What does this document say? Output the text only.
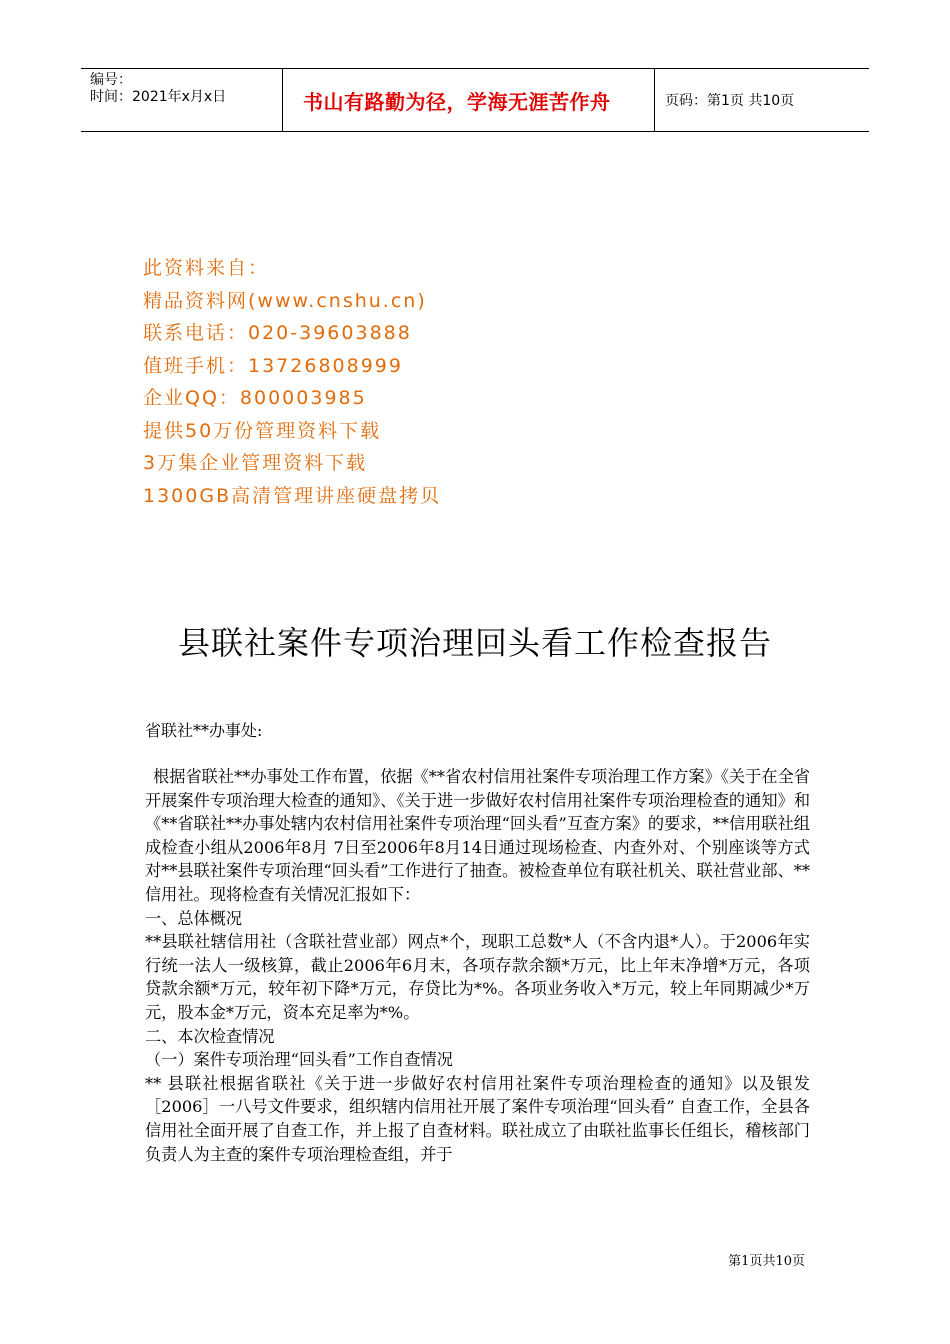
编号：
时间：2021年x月x日	书山有路勤为径，学海无涯苦作舟	页码：第1页 共10页
此资料来自：
精品资料网(www.cnshu.cn)
联系电话：020-39603888
值班手机：13726808999
企业QQ：800003985
提供50万份管理资料下载
3万集企业管理资料下载
1300GB高清管理讲座硬盘拷贝
县联社案件专项治理回头看工作检查报告
省联社**办事处:

根据省联社**办事处工作布置，依据《**省农村信用社案件专项治理工作方案》《关于在全省开展案件专项治理大检查的通知》、《关于进一步做好农村信用社案件专项治理检查的通知》和《**省联社**办事处辖内农村信用社案件专项治理“回头看”互查方案》的要求，**信用联社组成检查小组从2006年8月 7日至2006年8月14日通过现场检查、内查外对、个别座谈等方式对**县联社案件专项治理“回头看”工作进行了抽查。被检查单位有联社机关、联社营业部、**信用社。现将检查有关情况汇报如下：

一、总体概况

**县联社辖信用社（含联社营业部）网点*个，现职工总数*人（不含内退*人）。于2006年实行统一法人一级核算，截止2006年6月末，各项存款余额*万元，比上年末净增*万元，各项贷款余额*万元，较年初下降*万元，存贷比为*%。各项业务收入*万元，较上年同期减少*万元，股本金*万元，资本充足率为*%。

二、本次检查情况

（一）案件专项治理“回头看”工作自查情况

** 县联社根据省联社《关于进一步做好农村信用社案件专项治理检查的通知》以及银发［2006］一八号文件要求，组织辖内信用社开展了案件专项治理“回头看” 自查工作，全县各信用社全面开展了自查工作，并上报了自查材料。联社成立了由联社监事长任组长，稽核部门负责人为主查的案件专项治理检查组，并于

第1页共10页
